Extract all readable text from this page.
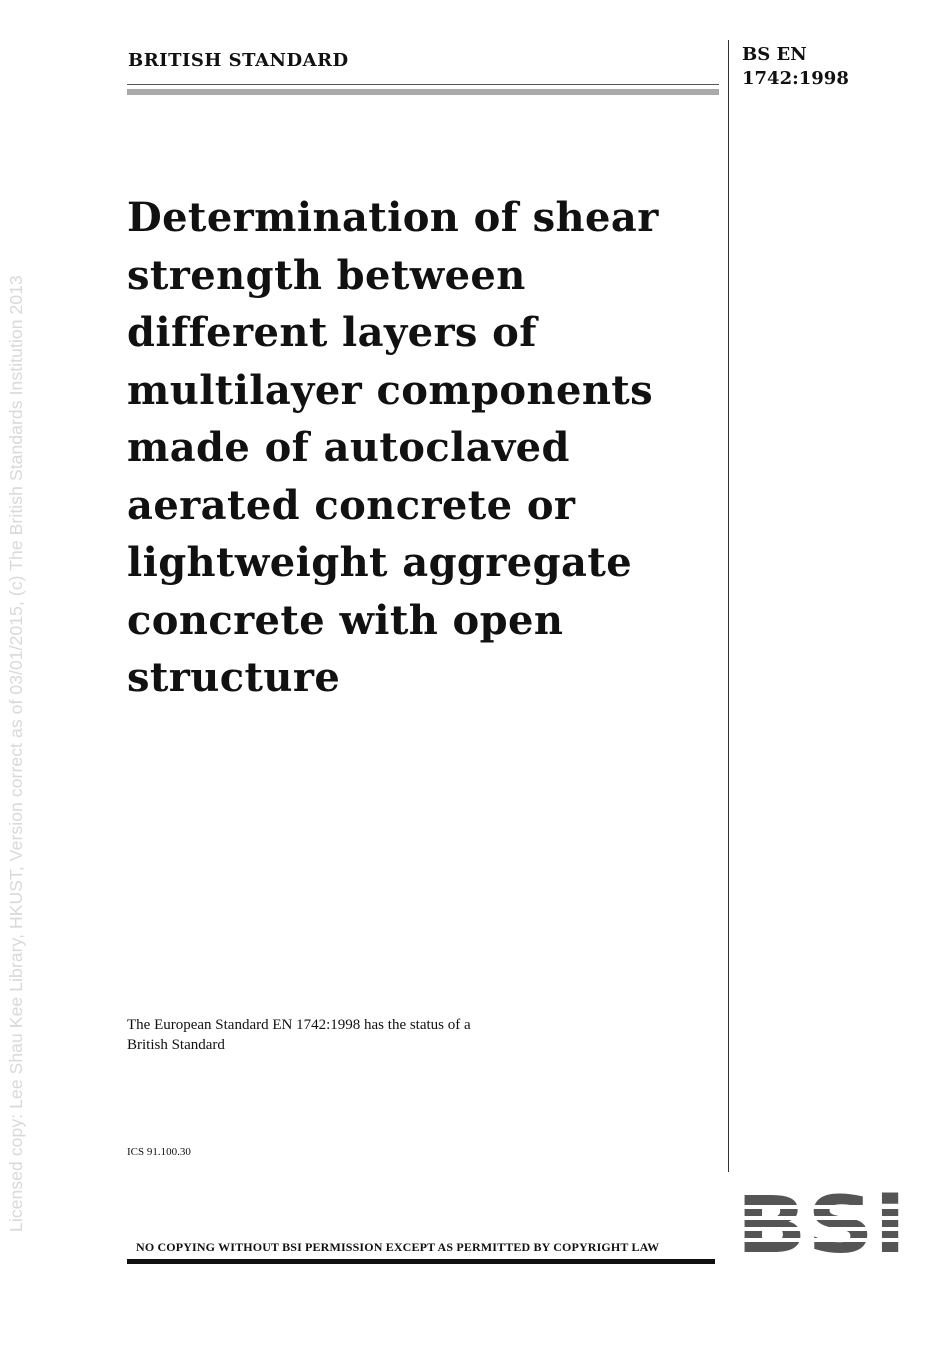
Licensed copy: Lee Shau Kee Library, HKUST, Version correct as of 03/01/2015, (c) The British Standards Institution 2013
BRITISH STANDARD	BS EN
1742:1998
Determination of shear
strength between
different layers of
multilayer components
made of autoclaved
aerated concrete or
lightweight aggregate
concrete with open
structure
The European Standard EN 1742:1998 has the status of a
British Standard
ICS 91.100.30
NO COPYING WITHOUT BSI PERMISSION EXCEPT AS PERMITTED BY COPYRIGHT LAW
